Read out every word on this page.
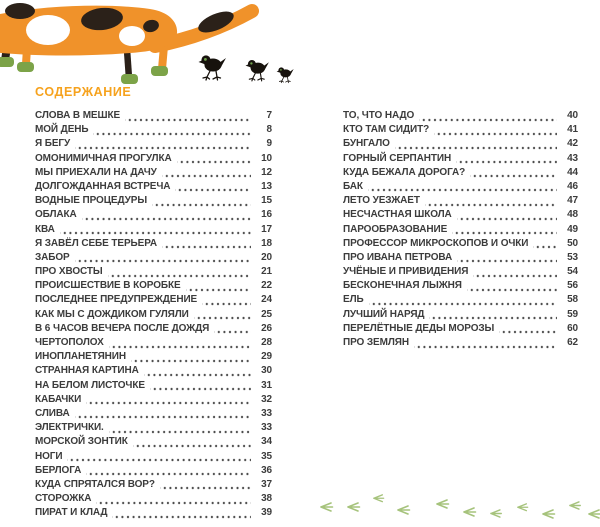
СОДЕРЖАНИЕ
СЛОВА В МЕШКЕ	7
МОЙ ДЕНЬ	8
Я БЕГУ	9
ОМОНИМИЧНАЯ ПРОГУЛКА	10
МЫ ПРИЕХАЛИ НА ДАЧУ	12
ДОЛГОЖДАННАЯ ВСТРЕЧА	13
ВОДНЫЕ ПРОЦЕДУРЫ	15
ОБЛАКА	16
КВА	17
Я ЗАВЁЛ СЕБЕ ТЕРЬЕРА	18
ЗАБОР	20
ПРО ХВОСТЫ	21
ПРОИСШЕСТВИЕ В КОРОБКЕ	22
ПОСЛЕДНЕЕ ПРЕДУПРЕЖДЕНИЕ	24
КАК МЫ С ДОЖДИКОМ ГУЛЯЛИ	25
В 6 ЧАСОВ ВЕЧЕРА ПОСЛЕ ДОЖДЯ	26
ЧЕРТОПОЛОХ	28
ИНОПЛАНЕТЯНИН	29
СТРАННАЯ КАРТИНА	30
НА БЕЛОМ ЛИСТОЧКЕ	31
КАБАЧКИ	32
СЛИВА	33
ЭЛЕКТРИЧКИ.	33
МОРСКОЙ ЗОНТИК	34
НОГИ	35
БЕРЛОГА	36
КУДА СПРЯТАЛСЯ ВОР?	37
СТОРОЖКА	38
ПИРАТ И КЛАД	39
ТО, ЧТО НАДО	40
КТО ТАМ СИДИТ?	41
БУНГАЛО	42
ГОРНЫЙ СЕРПАНТИН	43
КУДА БЕЖАЛА ДОРОГА?	44
БАК	46
ЛЕТО УЕЗЖАЕТ	47
НЕСЧАСТНАЯ ШКОЛА	48
ПАРООБРАЗОВАНИЕ	49
ПРОФЕССОР МИКРОСКОПОВ И ОЧКИ	50
ПРО ИВАНА ПЕТРОВА	53
УЧЁНЫЕ И ПРИВИДЕНИЯ	54
БЕСКОНЕЧНАЯ ЛЫЖНЯ	56
ЕЛЬ	58
ЛУЧШИЙ НАРЯД	59
ПЕРЕЛЁТНЫЕ ДЕДЫ МОРОЗЫ	60
ПРО ЗЕМЛЯН	62
